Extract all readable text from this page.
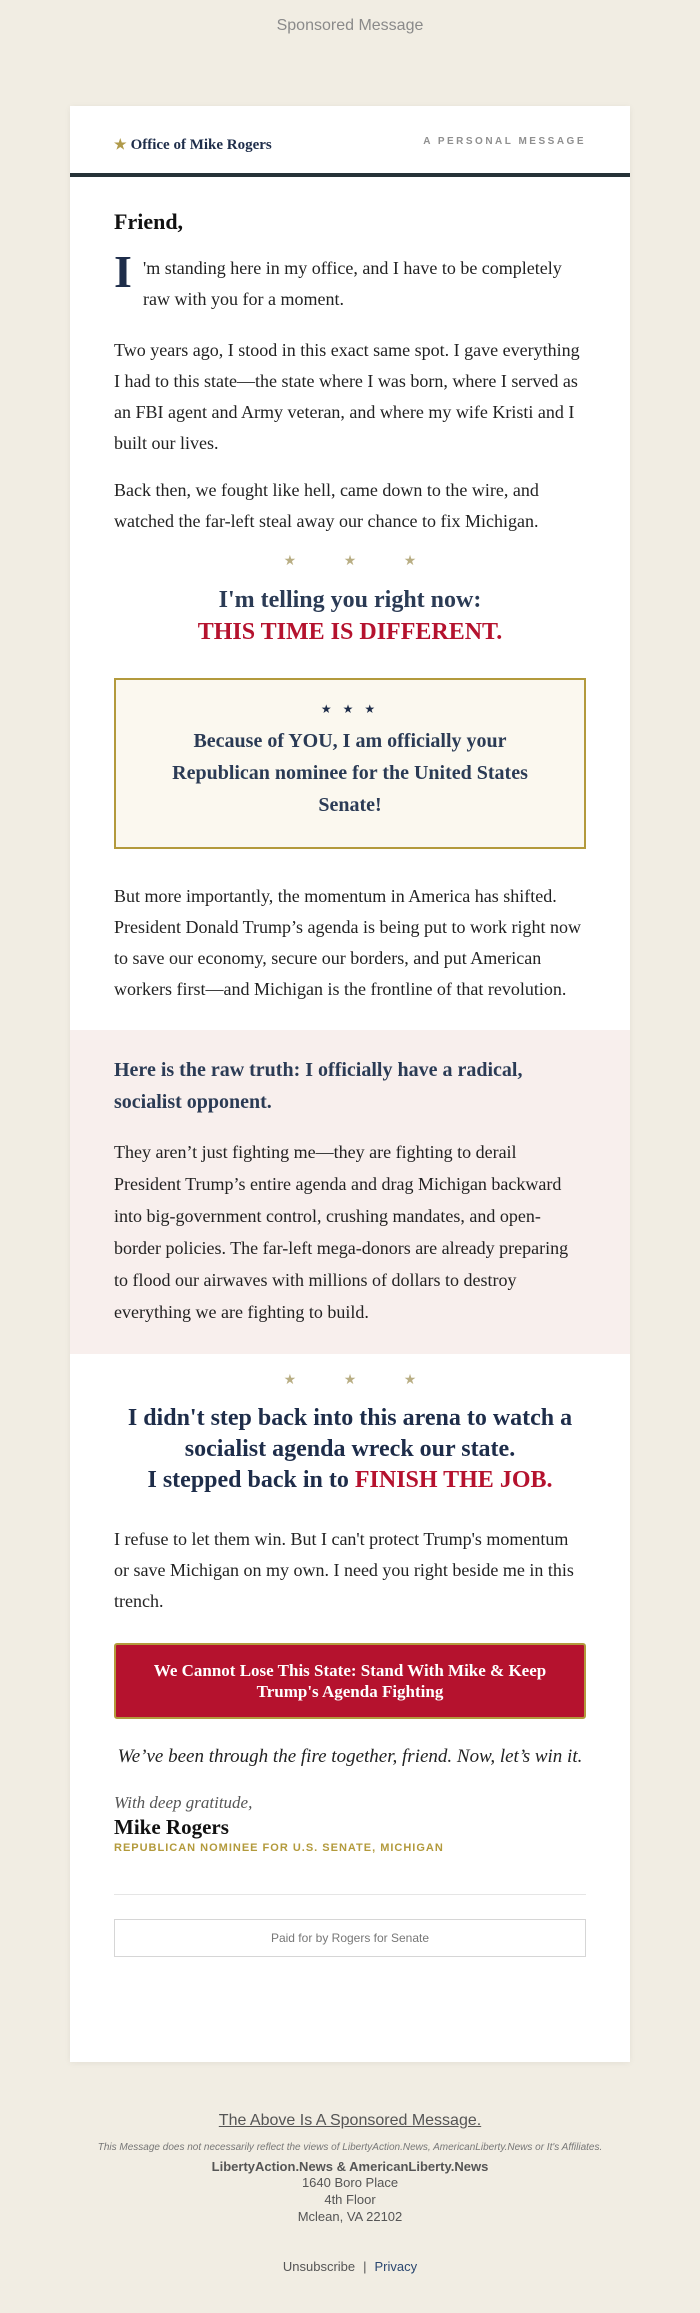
Sponsored Message
★ Office of Mike Rogers	A PERSONAL MESSAGE
Friend,
I 'm standing here in my office, and I have to be completely raw with you for a moment.

Two years ago, I stood in this exact same spot. I gave everything I had to this state—the state where I was born, where I served as an FBI agent and Army veteran, and where my wife Kristi and I built our lives.

Back then, we fought like hell, came down to the wire, and watched the far-left steal away our chance to fix Michigan.

★ ★ ★
I'm telling you right now:
THIS TIME IS DIFFERENT.
★ ★ ★
Because of YOU, I am officially your Republican nominee for the United States Senate!

But more importantly, the momentum in America has shifted. President Donald Trump’s agenda is being put to work right now to save our economy, secure our borders, and put American workers first—and Michigan is the frontline of that revolution.

Here is the raw truth: I officially have a radical, socialist opponent.

They aren’t just fighting me—they are fighting to derail President Trump’s entire agenda and drag Michigan backward into big-government control, crushing mandates, and open-border policies. The far-left mega-donors are already preparing to flood our airwaves with millions of dollars to destroy everything we are fighting to build.

★ ★ ★
I didn't step back into this arena to watch a socialist agenda wreck our state.
I stepped back in to FINISH THE JOB.

I refuse to let them win. But I can't protect Trump's momentum or save Michigan on my own. I need you right beside me in this trench.

We Cannot Lose This State: Stand With Mike & Keep Trump's Agenda Fighting
We’ve been through the fire together, friend. Now, let’s win it.
With deep gratitude,
Mike Rogers
REPUBLICAN NOMINEE FOR U.S. SENATE, MICHIGAN
Paid for by Rogers for Senate
The Above Is A Sponsored Message.
This Message does not necessarily reflect the views of LibertyAction.News, AmericanLiberty.News or It's Affiliates.
LibertyAction.News & AmericanLiberty.News
1640 Boro Place
4th Floor
Mclean, VA 22102
Unsubscribe | Privacy
